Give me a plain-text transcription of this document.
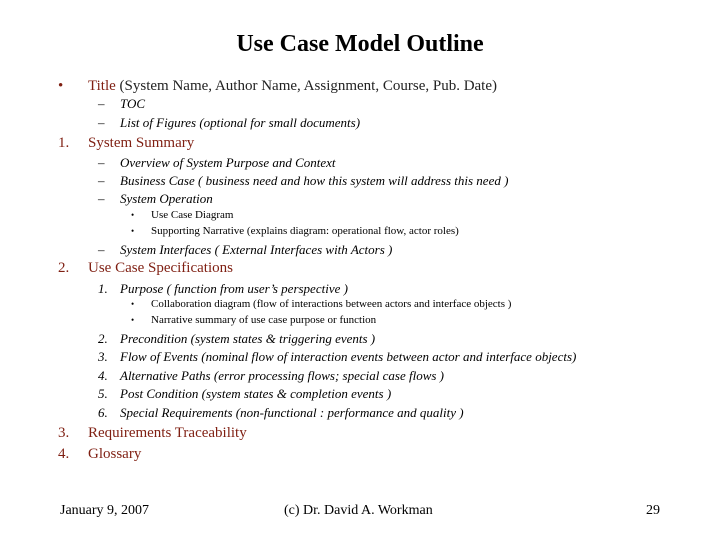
Use Case Model Outline
• Title (System Name, Author Name, Assignment, Course, Pub. Date)
– TOC
– List of Figures (optional for small documents)
1. System Summary
– Overview of System Purpose and Context
– Business Case ( business need and how this system will address this need )
– System Operation
• Use Case Diagram
• Supporting Narrative (explains diagram: operational flow, actor roles)
– System Interfaces ( External Interfaces with Actors )
2. Use Case Specifications
1. Purpose ( function from user’s perspective )
• Collaboration diagram (flow of interactions between actors and interface objects )
• Narrative summary of use case purpose or function
2. Precondition (system states & triggering events )
3. Flow of Events (nominal flow of interaction events between actor and interface objects)
4. Alternative Paths (error processing flows; special case flows )
5. Post Condition (system states & completion events )
6. Special Requirements (non-functional : performance and quality )
3. Requirements Traceability
4. Glossary
January 9, 2007	(c) Dr. David A. Workman	29
